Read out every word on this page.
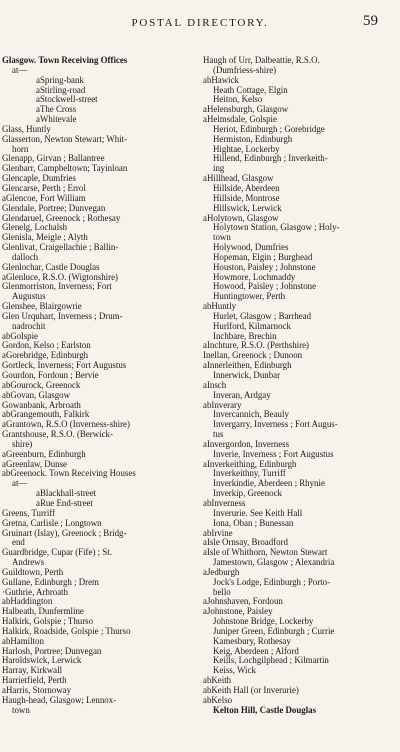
POSTAL DIRECTORY.	59
Glasgow. Town Receiving Offices
at—
aSpring-bank
aStirling-road
aStockwell-street
aThe Cross
aWhitevale
Glass, Huntly
Glasserton, Newton Stewart; Whit-
horn
Glenapp, Girvan ; Ballantree
Glenbarr, Campbeltown; Tayinloan
Glencaple, Dumfries
Glencarse, Perth ; Errol
aGlencoe, Fort William
Glendale, Portree; Dunvegan
Glendaruel, Greenock ; Rothesay
Glenelg, Lochalsh
Glenisla, Meigle ; Alyth
Glenlivat, Craigellachie ; Ballin-
dalloch
Glenlochar, Castle Douglas
aGlenluce, R.S.O. (Wigtonshire)
Glenmorriston, Inverness; Fort
Augustus
Glenshee, Blairgowrie
Glen Urquhart, Inverness ; Drum-
nadrochit
abGolspie
Gordon, Kelso ; Earlston
aGorebridge, Edinburgh
Gortleck, Inverness; Fort Augustus
Gourdon, Fordoun ; Bervie
abGourock, Greenock
abGovan, Glasgow
Gowanbank, Arbroath
abGrangemouth, Falkirk
aGrantown, R.S.O (Inverness-shire)
Grantshouse, R.S.O. (Berwick-
shire)
aGreenburn, Edinburgh
aGreenlaw, Dunse
abGreenock. Town Receiving Houses
at—
aBlackhall-street
aRue End-street
Greens, Turriff
Gretna, Carlisle ; Longtown
Gruinart (Islay), Greenock ; Bridg-
end
Guardbridge, Cupar (Fife) ; St.
Andrews
Guildtown, Perth
Gullane, Edinburgh ; Drem
·Guthrie, Arbroath
abHaddington
Halbeath, Dunfermline
Halkirk, Golspie ; Thurso
Halkirk, Roadside, Golspie ; Thurso
abHamilton
Harlosh, Portree; Dunvegan
Haroldswick, Lerwick
Harray, Kirkwall
Harrietfield, Perth
aHarris, Stornoway
Haugh-head, Glasgow; Lennox-
town
Haugh of Urr, Dalbeattie, R.S.O.
(Dumfriess-shire)
abHawick
Heath Cottage, Elgin
Heiton, Kelso
aHelensburgh, Glasgow
aHelmsdale, Golspie
Heriot, Edinburgh ; Gorebridge
Hermiston, Edinburgh
Hightae, Lockerby
Hillend, Edinburgh ; Inverkeith-
ing
aHillhead, Glasgow
Hillside, Aberdeen
Hillside, Montrose
Hillswick, Lerwick
aHolytown, Glasgow
Holytown Station, Glasgow ; Holy-
town
Holywood, Dumfries
Hopeman, Elgin ; Burghead
Houston, Paisley ; Johnstone
Howmore, Lochmaddy
Howood, Paisley ; Johnstone
Huntingtower, Perth
abHuntly
Hurlet, Glasgow ; Barrhead
Hurlford, Kilmarnock
Inchbare, Brechin
aInchture, R.S.O. (Perthshire)
Inellan, Greenock ; Dunoon
aInnerleithen, Edinburgh
Innerwick, Dunbar
aInsch
Inveran, Ardgay
abInverary
Invercannich, Beauly
Invergarry, Inverness ; Fort Augus-
tus
aInvergordon, Inverness
Inverie, Inverness ; Fort Augustus
aInverkeithing, Edinburgh
Inverkeithny, Turriff
Inverkindie, Aberdeen ; Rhynie
Inverkip, Greenock
abInverness
Inverurie. See Keith Hall
Iona, Oban ; Bunessan
abIrvine
aIsle Ornsay, Broadford
aIsle of Whithorn, Newton Stewart
Jamestown, Glasgow ; Alexandria
aJedburgh
Jock's Lodge, Edinburgh ; Porto-
bello
aJohnshaven, Fordoun
aJohnstone, Paisley
Johnstone Bridge, Lockerby
Juniper Green, Edinburgh ; Currie
Kamesbury, Rothesay
Keig, Aberdeen ; Alford
Keills, Lochgilphead ; Kilmartin
Keiss, Wick
abKeith
abKeith Hall (or Inverurie)
abKelso
Kelton Hill, Castle Douglas
